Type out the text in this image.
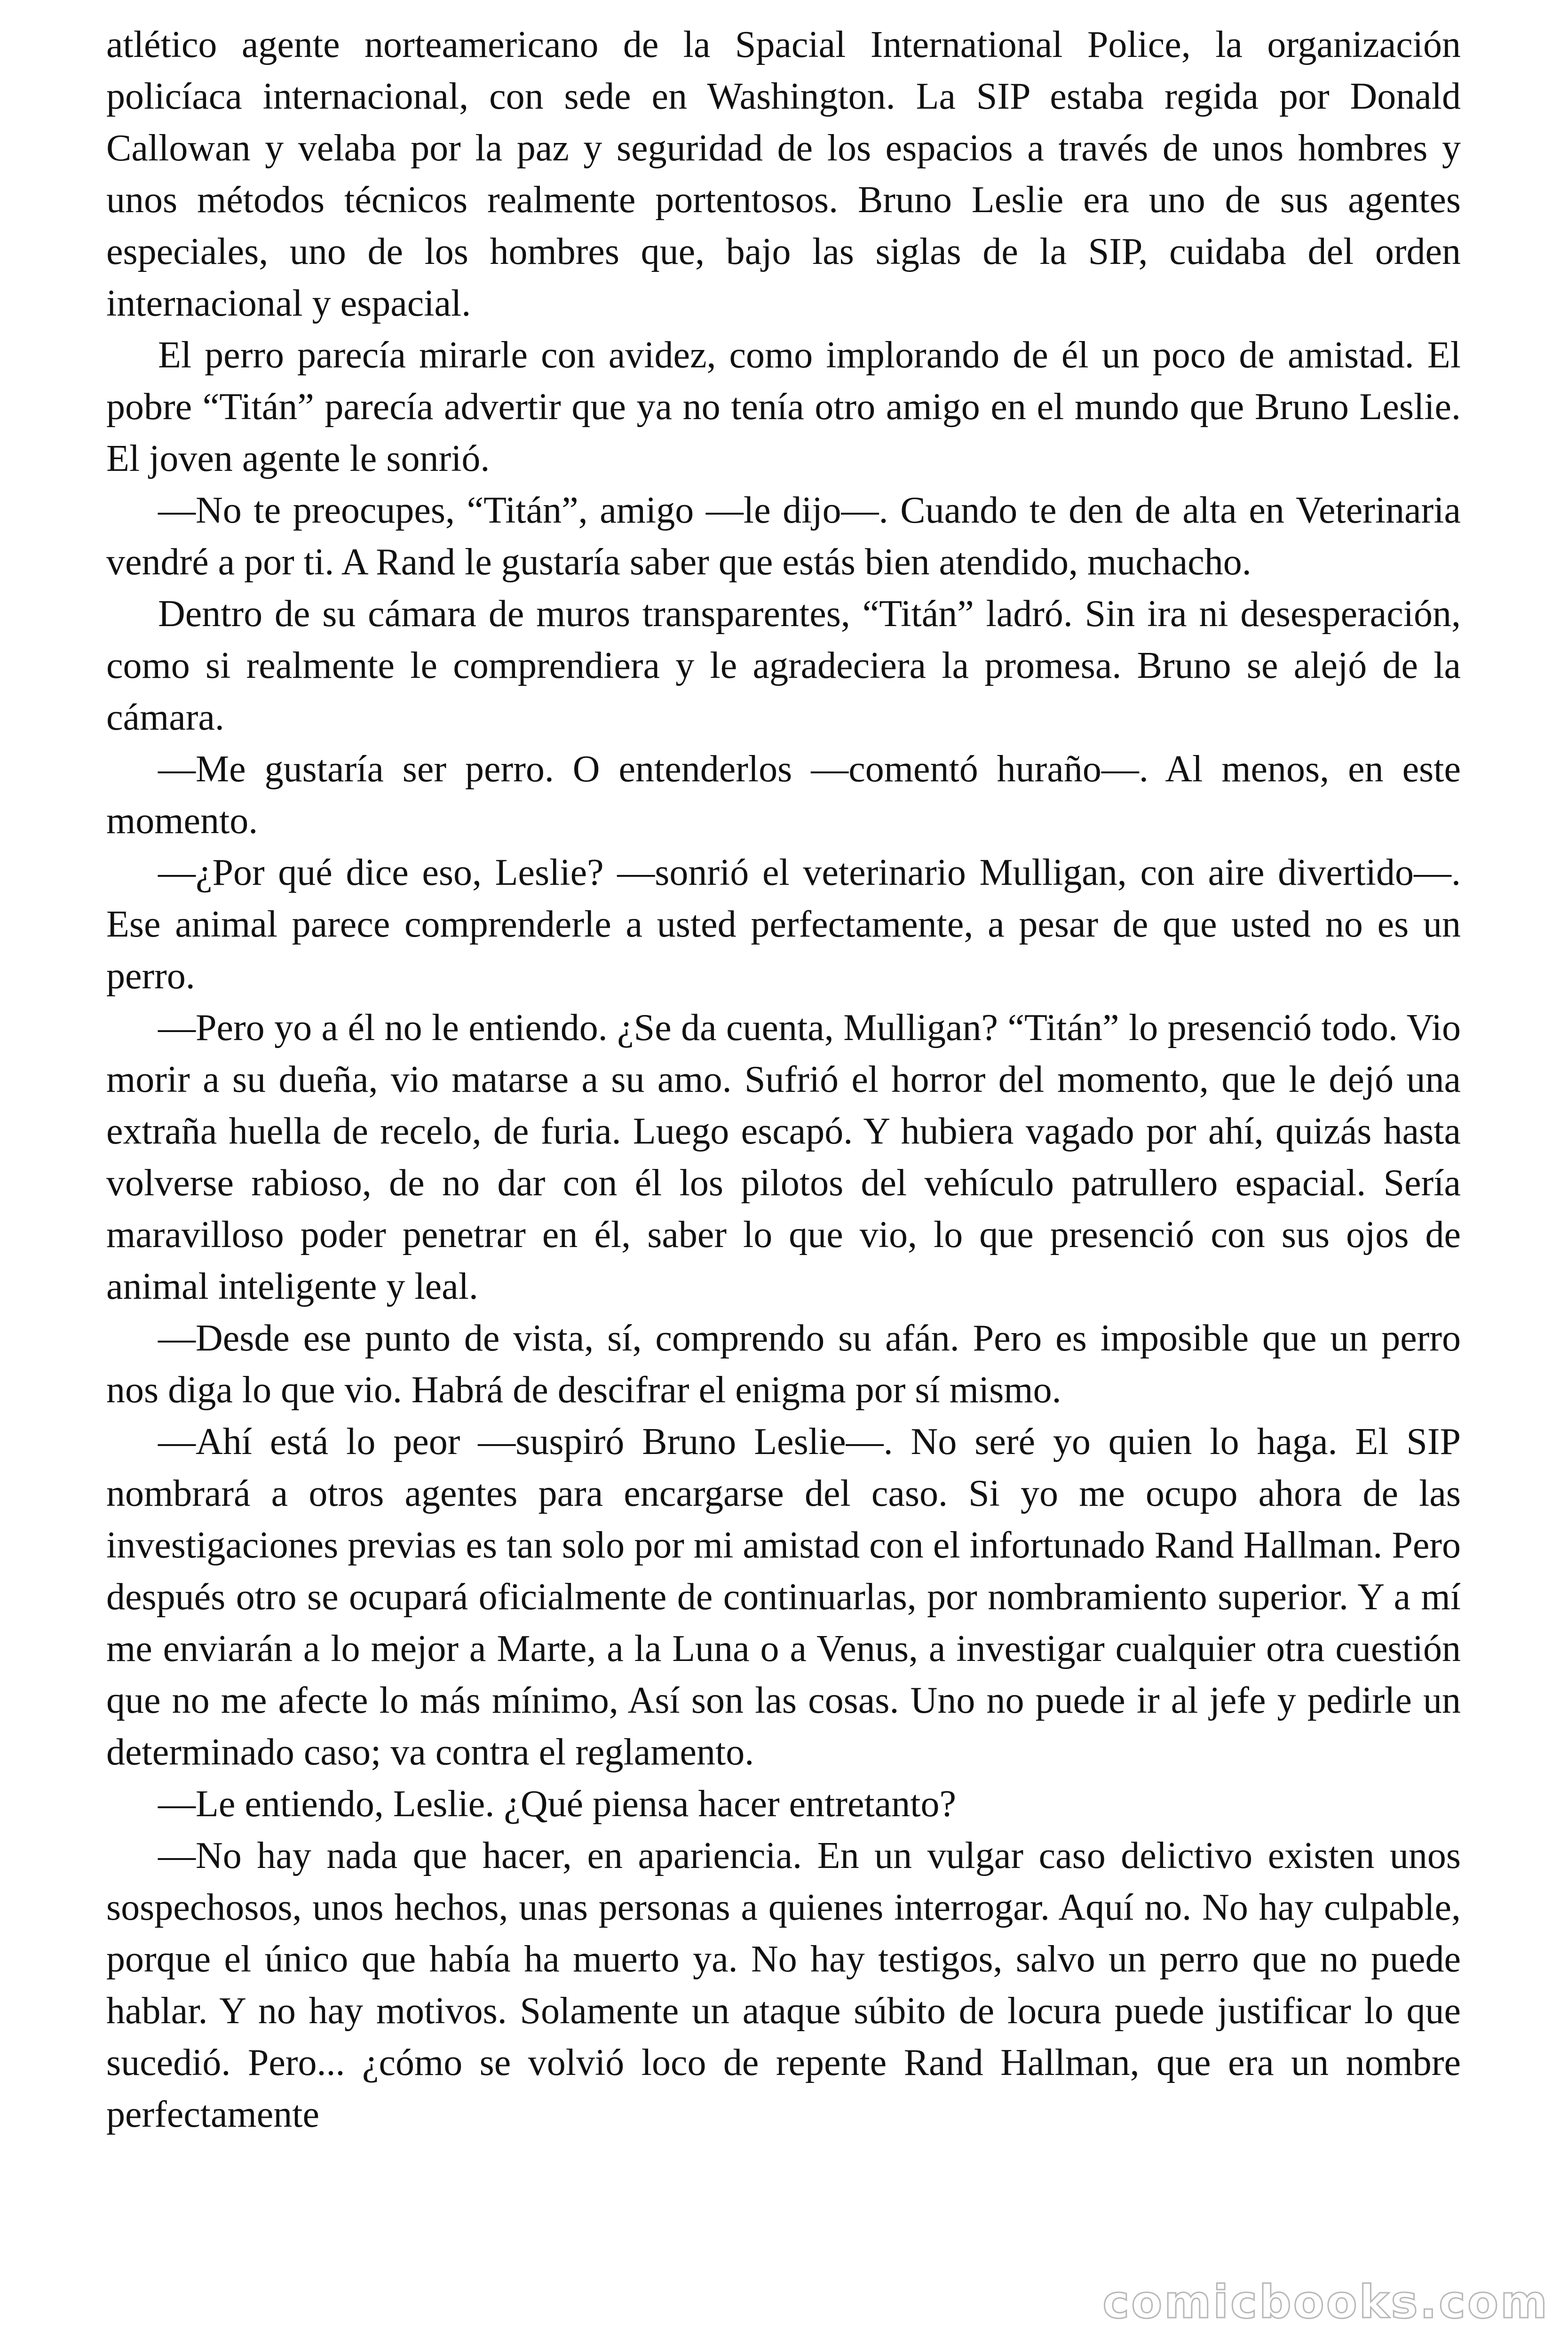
atlético agente norteamericano de la Spacial International Police, la organización policíaca internacional, con sede en Washington. La SIP estaba regida por Donald Callowan y velaba por la paz y seguridad de los espacios a través de unos hombres y unos métodos técnicos realmente portentosos. Bruno Leslie era uno de sus agentes especiales, uno de los hombres que, bajo las siglas de la SIP, cuidaba del orden internacional y espacial.

El perro parecía mirarle con avidez, como implorando de él un poco de amistad. El pobre “Titán” parecía advertir que ya no tenía otro amigo en el mundo que Bruno Leslie. El joven agente le sonrió.

—No te preocupes, “Titán”, amigo —le dijo—. Cuando te den de alta en Veterinaria vendré a por ti. A Rand le gustaría saber que estás bien atendido, muchacho.

Dentro de su cámara de muros transparentes, “Titán” ladró. Sin ira ni desesperación, como si realmente le comprendiera y le agradeciera la promesa. Bruno se alejó de la cámara.

—Me gustaría ser perro. O entenderlos —comentó huraño—. Al menos, en este momento.

—¿Por qué dice eso, Leslie? —sonrió el veterinario Mulligan, con aire divertido—. Ese animal parece comprenderle a usted perfectamente, a pesar de que usted no es un perro.

—Pero yo a él no le entiendo. ¿Se da cuenta, Mulligan? “Titán” lo presenció todo. Vio morir a su dueña, vio matarse a su amo. Sufrió el horror del momento, que le dejó una extraña huella de recelo, de furia. Luego escapó. Y hubiera vagado por ahí, quizás hasta volverse rabioso, de no dar con él los pilotos del vehículo patrullero espacial. Sería maravilloso poder penetrar en él, saber lo que vio, lo que presenció con sus ojos de animal inteligente y leal.

—Desde ese punto de vista, sí, comprendo su afán. Pero es imposible que un perro nos diga lo que vio. Habrá de descifrar el enigma por sí mismo.

—Ahí está lo peor —suspiró Bruno Leslie—. No seré yo quien lo haga. El SIP nombrará a otros agentes para encargarse del caso. Si yo me ocupo ahora de las investigaciones previas es tan solo por mi amistad con el infortunado Rand Hallman. Pero después otro se ocupará oficialmente de continuarlas, por nombramiento superior. Y a mí me enviarán a lo mejor a Marte, a la Luna o a Venus, a investigar cualquier otra cuestión que no me afecte lo más mínimo, Así son las cosas. Uno no puede ir al jefe y pedirle un determinado caso; va contra el reglamento.

—Le entiendo, Leslie. ¿Qué piensa hacer entretanto?

—No hay nada que hacer, en apariencia. En un vulgar caso delictivo existen unos sospechosos, unos hechos, unas personas a quienes interrogar. Aquí no. No hay culpable, porque el único que había ha muerto ya. No hay testigos, salvo un perro que no puede hablar. Y no hay motivos. Solamente un ataque súbito de locura puede justificar lo que sucedió. Pero... ¿cómo se volvió loco de repente Rand Hallman, que era un nombre perfectamente

comicbooks.com
